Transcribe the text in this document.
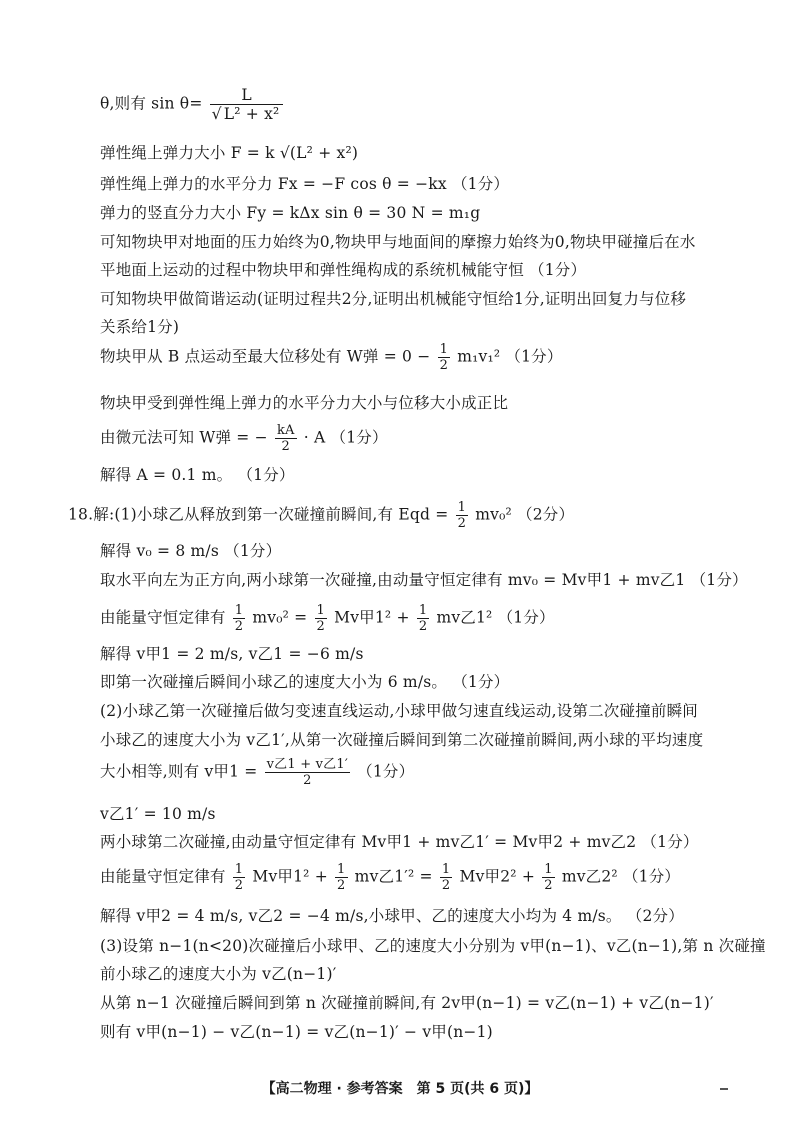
θ,则有 $\sin \theta= \frac{L}{\text{√ L² + x²}}$
弹性绳上弹力大小 F = k √(L² + x²)
弹性绳上弹力的水平分力 Fx = −F cos θ = −kx （1分）
弹力的竖直分力大小 Fy = kΔx sin θ = 30 N = m₁g
可知物块甲对地面的压力始终为0,物块甲与地面间的摩擦力始终为0,物块甲碰撞后在水
平地面上运动的过程中物块甲和弹性绳构成的系统机械能守恒 （1分）
可知物块甲做简谐运动(证明过程共2分,证明出机械能守恒给1分,证明出回复力与位移
关系给1分)
物块甲从 B 点运动至最大位移处有 W弹 = $0 - \frac{1}{2} m_1v_1^2$ （1分）
物块甲受到弹性绳上弹力的水平分力大小与位移大小成正比
由微元法可知 W弹 = − $\frac{kA}{2} \cdot A$ （1分）
解得 A = 0.1 m。 （1分）
18.解:(1)小球乙从释放到第一次碰撞前瞬间,有 Eqd = $\frac{1}{2} mv_0^2$ （2分）
解得 v₀ = 8 m/s （1分）
取水平向左为正方向,两小球第一次碰撞,由动量守恒定律有 mv₀ = Mv甲1 + mv乙1 （1分）
由能量守恒定律有 $\frac{1}{2} mv_0^2 = \frac{1}{2}$ Mv甲$1^2 + \frac{1}{2}$ mv乙1² （1分）
解得 v甲1 = 2 m/s, v乙1 = −6 m/s
即第一次碰撞后瞬间小球乙的速度大小为 6 m/s。 （1分）
(2)小球乙第一次碰撞后做匀变速直线运动,小球甲做匀速直线运动,设第二次碰撞前瞬间
小球乙的速度大小为 v乙1′,从第一次碰撞后瞬间到第二次碰撞前瞬间,两小球的平均速度
大小相等,则有 v甲$1 = \frac{\text{v乙1 + v乙1′}}{2} (1$分）
v乙1′ = 10 m/s
两小球第二次碰撞,由动量守恒定律有 Mv甲1 + mv乙1′ = Mv甲2 + mv乙2 （1分）
由能量守恒定律有 $\frac{1}{2}$ Mv甲$1^2 + \frac{1}{2}$ mv乙$1'^2 = \frac{1}{2}$ Mv甲$2^2 + \frac{1}{2}$ mv乙2² （1分）
解得 v甲2 = 4 m/s, v乙2 = −4 m/s,小球甲、乙的速度大小均为 4 m/s。 （2分）
(3)设第 n−1(n<20)次碰撞后小球甲、乙的速度大小分别为 v甲(n−1)、v乙(n−1),第 n 次碰撞
前小球乙的速度大小为 v乙(n−1)′
从第 n−1 次碰撞后瞬间到第 n 次碰撞前瞬间,有 2v甲(n−1) = v乙(n−1) + v乙(n−1)′
则有 v甲(n−1) − v乙(n−1) = v乙(n−1)′ − v甲(n−1)
【高二物理 · 参考答案　第 5 页(共 6 页)】
